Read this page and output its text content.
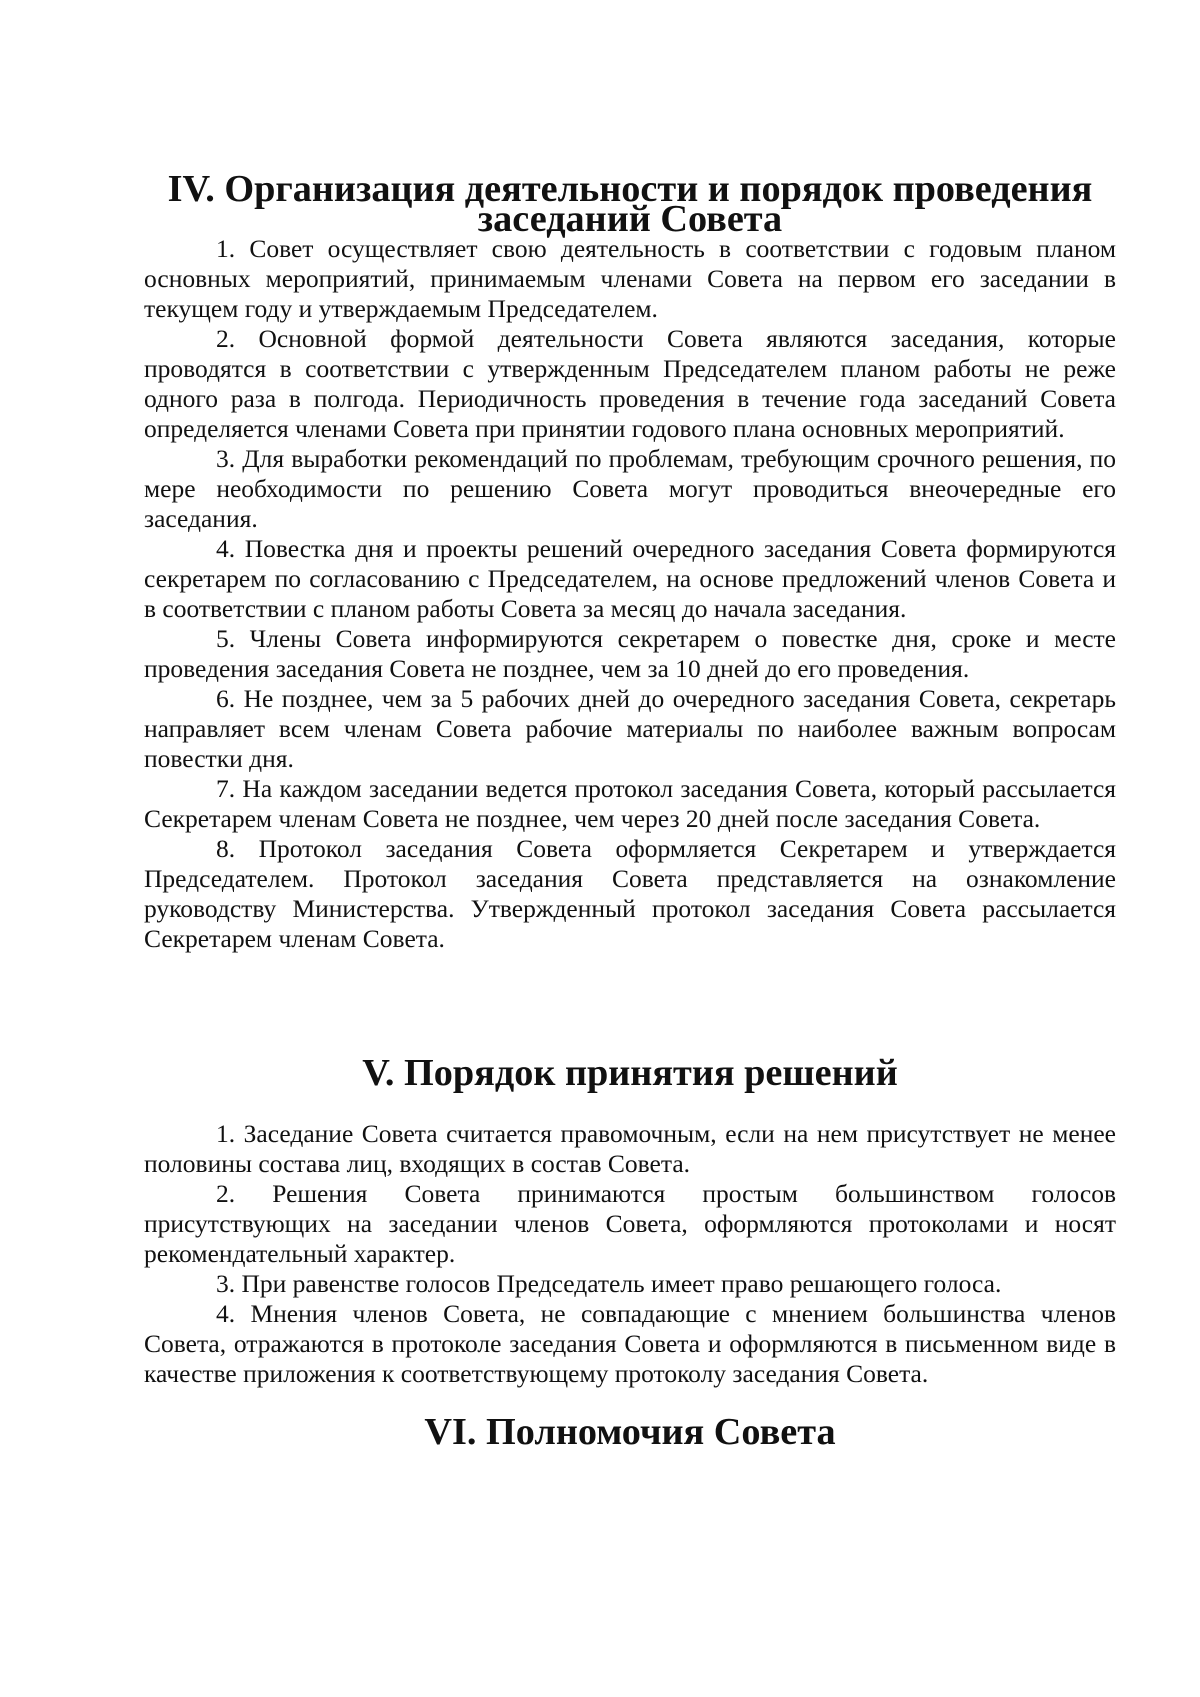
IV. Организация деятельности и порядок проведения заседаний Совета

1. Совет осуществляет свою деятельность в соответствии с годовым планом основных мероприятий, принимаемым членами Совета на первом его заседании в текущем году и утверждаемым Председателем.

2. Основной формой деятельности Совета являются заседания, которые проводятся в соответствии с утвержденным Председателем планом работы не реже одного раза в полгода. Периодичность проведения в течение года заседаний Совета определяется членами Совета при принятии годового плана основных мероприятий.

3. Для выработки рекомендаций по проблемам, требующим срочного решения, по мере необходимости по решению Совета могут проводиться внеочередные его заседания.

4. Повестка дня и проекты решений очередного заседания Совета формируются секретарем по согласованию с Председателем, на основе предложений членов Совета и в соответствии с планом работы Совета за месяц до начала заседания.

5. Члены Совета информируются секретарем о повестке дня, сроке и месте проведения заседания Совета не позднее, чем за 10 дней до его проведения.

6. Не позднее, чем за 5 рабочих дней до очередного заседания Совета, секретарь направляет всем членам Совета рабочие материалы по наиболее важным вопросам повестки дня.

7. На каждом заседании ведется протокол заседания Совета, который рассылается Секретарем членам Совета не позднее, чем через 20 дней после заседания Совета.

8. Протокол заседания Совета оформляется Секретарем и утверждается Председателем. Протокол заседания Совета представляется на ознакомление руководству Министерства. Утвержденный протокол заседания Совета рассылается Секретарем членам Совета.

V. Порядок принятия решений

1. Заседание Совета считается правомочным, если на нем присутствует не менее половины состава лиц, входящих в состав Совета.

2. Решения Совета принимаются простым большинством голосов присутствующих на заседании членов Совета, оформляются протоколами и носят рекомендательный характер.

3. При равенстве голосов Председатель имеет право решающего голоса.

4. Мнения членов Совета, не совпадающие с мнением большинства членов Совета, отражаются в протоколе заседания Совета и оформляются в письменном виде в качестве приложения к соответствующему протоколу заседания Совета.

VI. Полномочия Совета
